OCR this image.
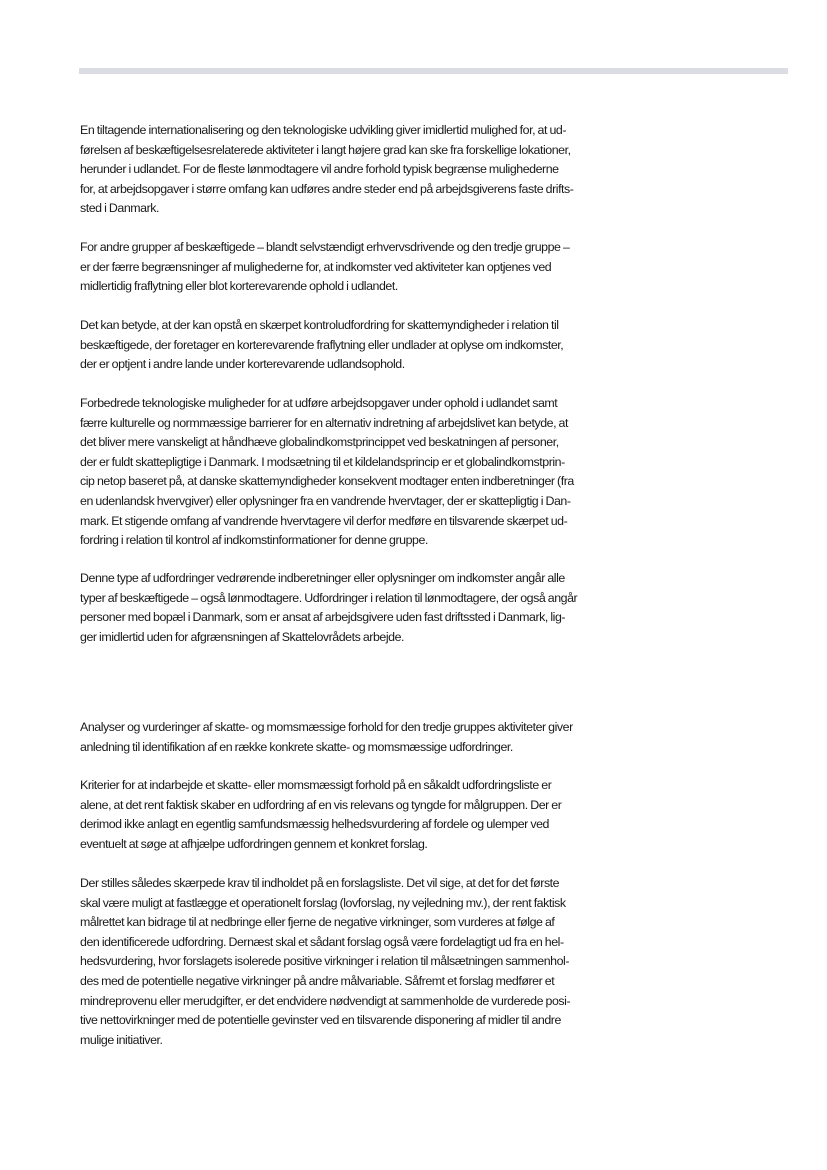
En tiltagende internationalisering og den teknologiske udvikling giver imidlertid mulighed for, at ud-
førelsen af beskæftigelsesrelaterede aktiviteter i langt højere grad kan ske fra forskellige lokationer,
herunder i udlandet. For de fleste lønmodtagere vil andre forhold typisk begrænse mulighederne
for, at arbejdsopgaver i større omfang kan udføres andre steder end på arbejdsgiverens faste drifts-
sted i Danmark.

For andre grupper af beskæftigede – blandt selvstændigt erhvervsdrivende og den tredje gruppe –
er der færre begrænsninger af mulighederne for, at indkomster ved aktiviteter kan optjenes ved
midlertidig fraflytning eller blot korterevarende ophold i udlandet.

Det kan betyde, at der kan opstå en skærpet kontroludfordring for skattemyndigheder i relation til
beskæftigede, der foretager en korterevarende fraflytning eller undlader at oplyse om indkomster,
der er optjent i andre lande under korterevarende udlandsophold.

Forbedrede teknologiske muligheder for at udføre arbejdsopgaver under ophold i udlandet samt
færre kulturelle og normmæssige barrierer for en alternativ indretning af arbejdslivet kan betyde, at
det bliver mere vanskeligt at håndhæve globalindkomstprincippet ved beskatningen af personer,
der er fuldt skattepligtige i Danmark. I modsætning til et kildelandsprincip er et globalindkomstprin-
cip netop baseret på, at danske skattemyndigheder konsekvent modtager enten indberetninger (fra
en udenlandsk hvervgiver) eller oplysninger fra en vandrende hvervtager, der er skattepligtig i Dan-
mark. Et stigende omfang af vandrende hvervtagere vil derfor medføre en tilsvarende skærpet ud-
fordring i relation til kontrol af indkomstinformationer for denne gruppe.

Denne type af udfordringer vedrørende indberetninger eller oplysninger om indkomster angår alle
typer af beskæftigede – også lønmodtagere. Udfordringer i relation til lønmodtagere, der også angår
personer med bopæl i Danmark, som er ansat af arbejdsgivere uden fast driftssted i Danmark, lig-
ger imidlertid uden for afgrænsningen af Skattelovrådets arbejde.

Analyser og vurderinger af skatte- og momsmæssige forhold for den tredje gruppes aktiviteter giver
anledning til identifikation af en række konkrete skatte- og momsmæssige udfordringer.

Kriterier for at indarbejde et skatte- eller momsmæssigt forhold på en såkaldt udfordringsliste er
alene, at det rent faktisk skaber en udfordring af en vis relevans og tyngde for målgruppen. Der er
derimod ikke anlagt en egentlig samfundsmæssig helhedsvurdering af fordele og ulemper ved
eventuelt at søge at afhjælpe udfordringen gennem et konkret forslag.

Der stilles således skærpede krav til indholdet på en forslagsliste. Det vil sige, at det for det første
skal være muligt at fastlægge et operationelt forslag (lovforslag, ny vejledning mv.), der rent faktisk
målrettet kan bidrage til at nedbringe eller fjerne de negative virkninger, som vurderes at følge af
den identificerede udfordring. Dernæst skal et sådant forslag også være fordelagtigt ud fra en hel-
hedsvurdering, hvor forslagets isolerede positive virkninger i relation til målsætningen sammenhol-
des med de potentielle negative virkninger på andre målvariable. Såfremt et forslag medfører et
mindreprovenu eller merudgifter, er det endvidere nødvendigt at sammenholde de vurderede posi-
tive nettovirkninger med de potentielle gevinster ved en tilsvarende disponering af midler til andre
mulige initiativer.
